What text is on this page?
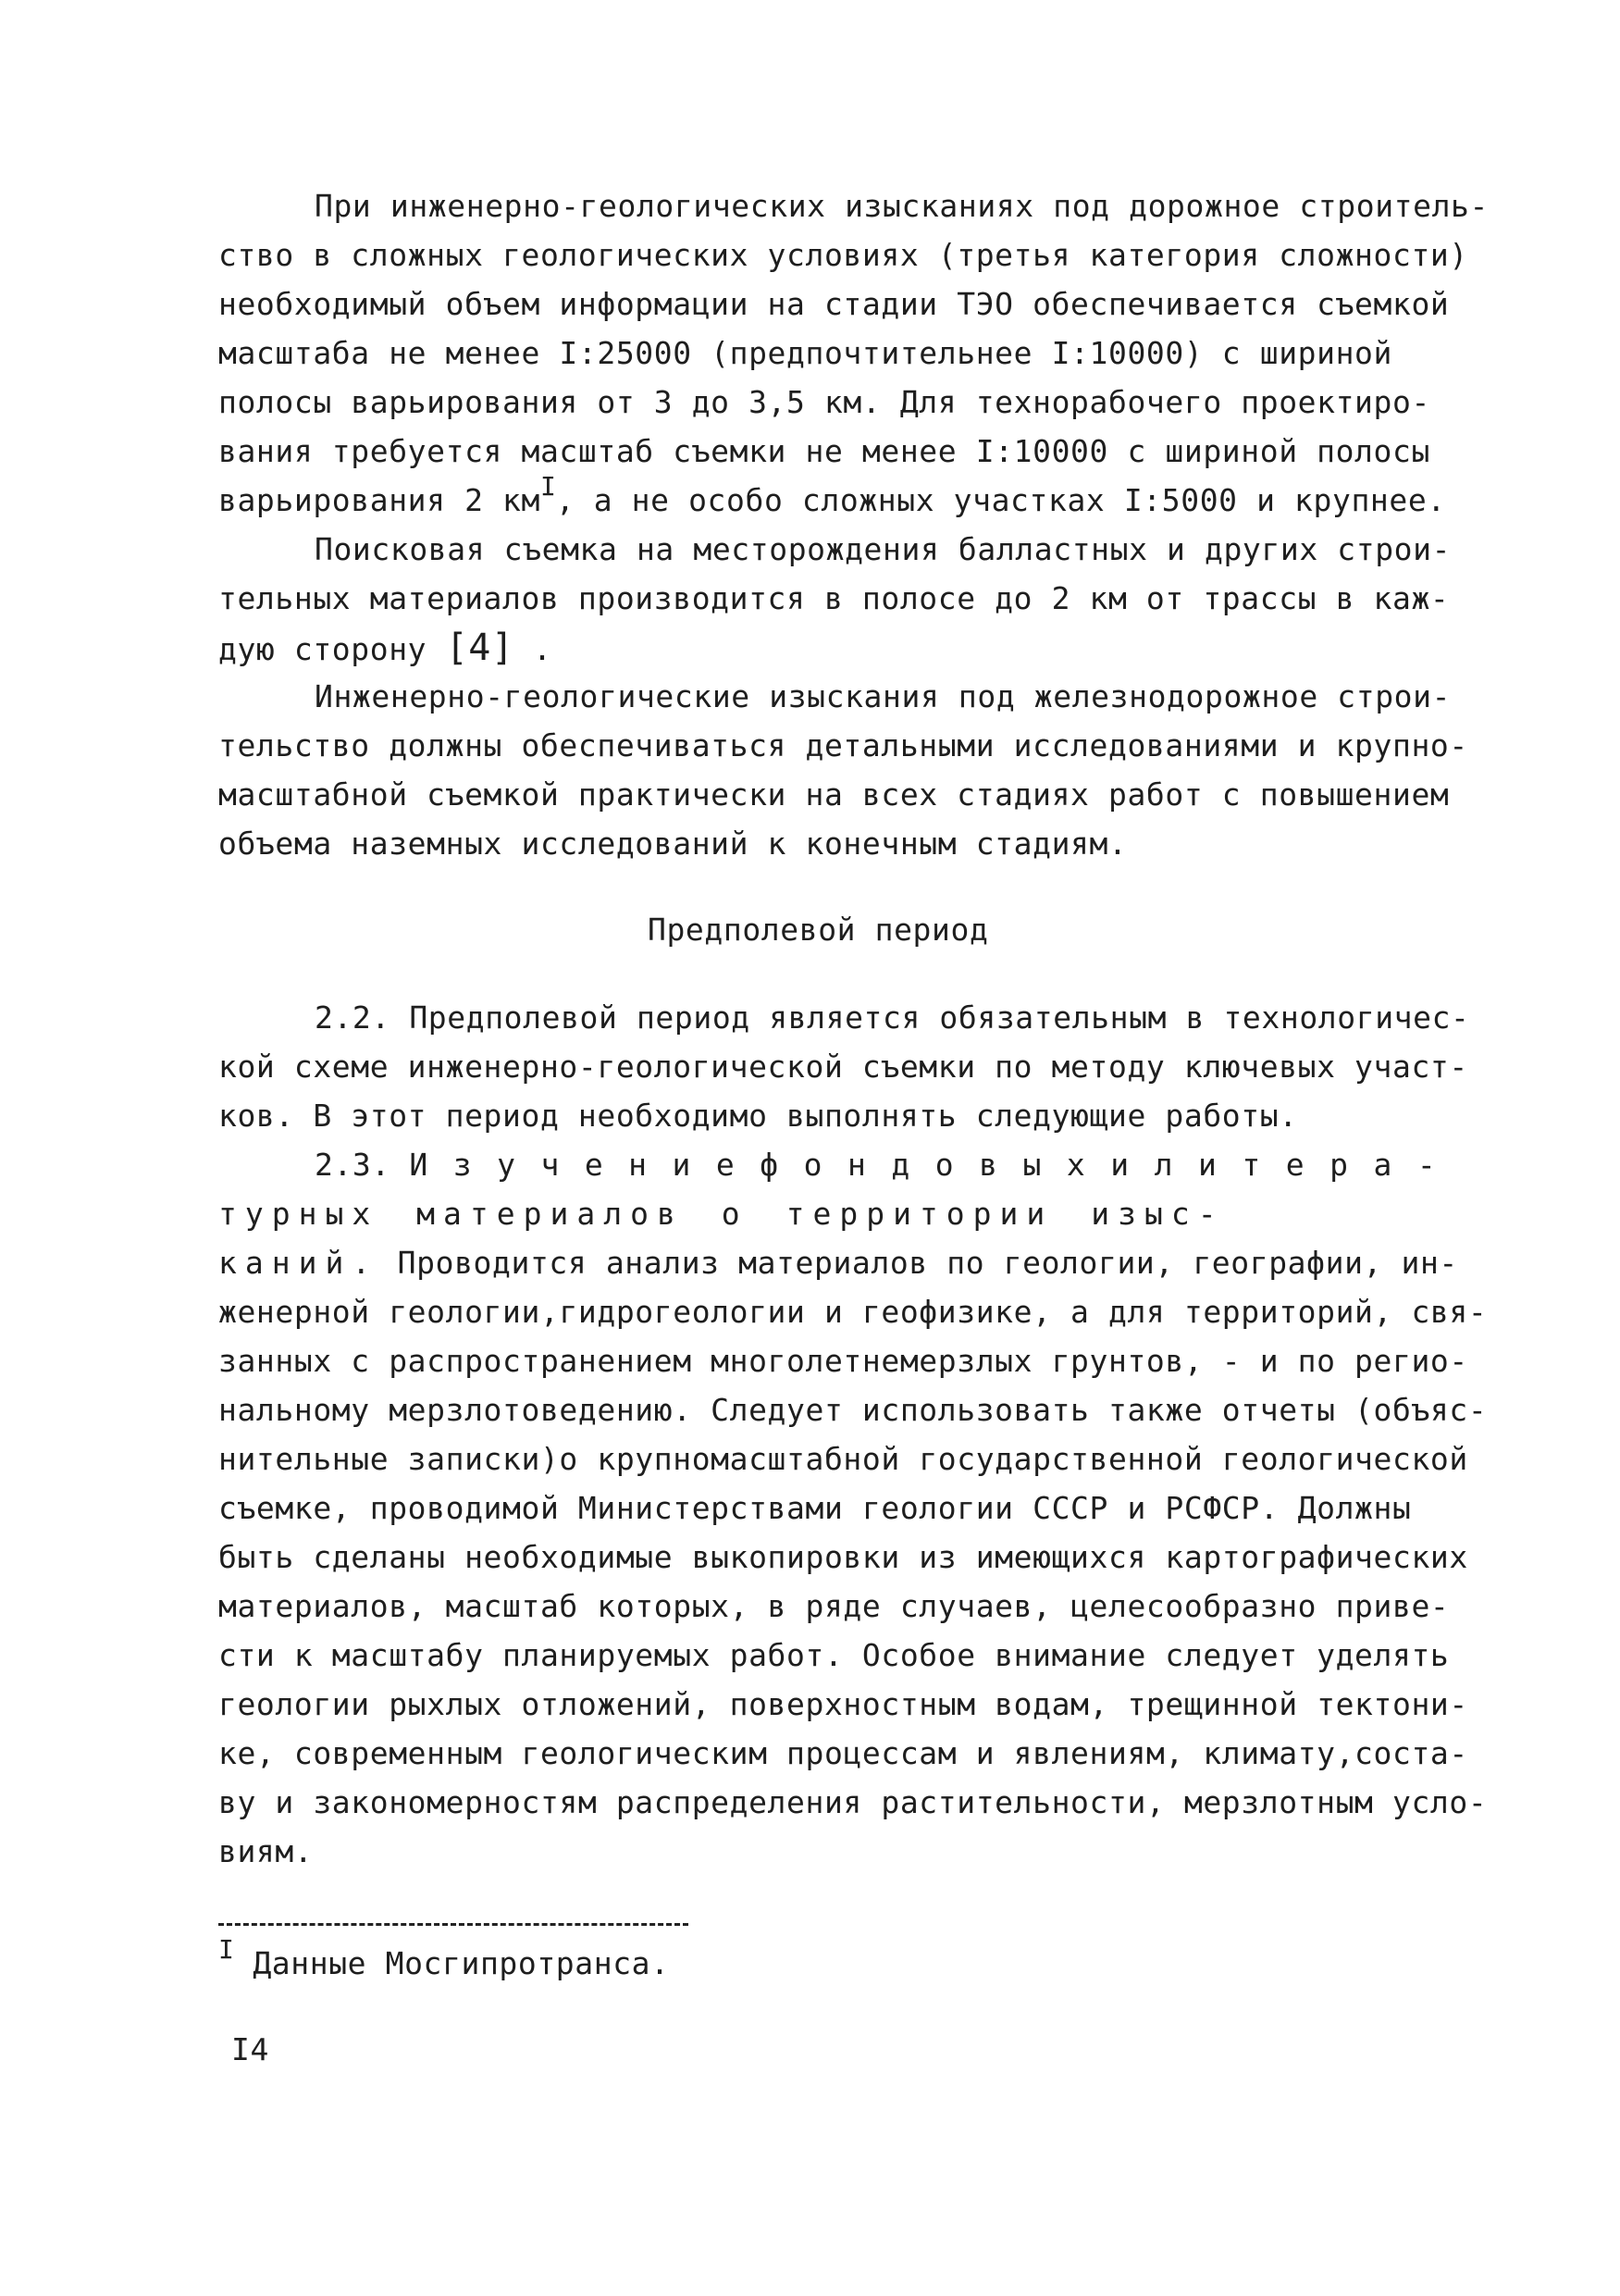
При инженерно-геологических изысканиях под дорожное строитель-
ство в сложных геологических условиях (третья категория сложности)
необходимый объем информации на стадии ТЭО обеспечивается съемкой
масштаба не менее I:25000 (предпочтительнее I:10000) с шириной
полосы варьирования от 3 до 3,5 км. Для технорабочего проектиро-
вания требуется масштаб съемки не менее I:10000 с шириной полосы
варьирования 2 $км^I$, а не особо сложных участках I:5000 и крупнее.
Поисковая съемка на месторождения балластных и других строи-
тельных материалов производится в полосе до 2 км от трассы в каж-
дую сторону [4] .
Инженерно-геологические изыскания под железнодорожное строи-
тельство должны обеспечиваться детальными исследованиями и крупно-
масштабной съемкой практически на всех стадиях работ с повышением
объема наземных исследований к конечным стадиям.
Предполевой период
2.2. Предполевой период является обязательным в технологичес-
кой схеме инженерно-геологической съемки по методу ключевых участ-
ков. В этот период необходимо выполнять следующие работы.
2.3. Изучениефондовыхилитера-
турных материалов о территории изыс-
каний. Проводится анализ материалов по геологии, географии, ин-
женерной геологии,гидрогеологии и геофизике, а для территорий, свя-
занных с распространением многолетнемерзлых грунтов, - и по регио-
нальному мерзлотоведению. Следует использовать также отчеты (объяс-
нительные записки)о крупномасштабной государственной геологической
съемке, проводимой Министерствами геологии СССР и РСФСР. Должны
быть сделаны необходимые выкопировки из имеющихся картографических
материалов, масштаб которых, в ряде случаев, целесообразно приве-
сти к масштабу планируемых работ. Особое внимание следует уделять
геологии рыхлых отложений, поверхностным водам, трещинной тектони-
ке, современным геологическим процессам и явлениям, климату,соста-
ву и закономерностям распределения растительности, мерзлотным усло-
виям.
$^I$ Данные Мосгипротранса.
I4
